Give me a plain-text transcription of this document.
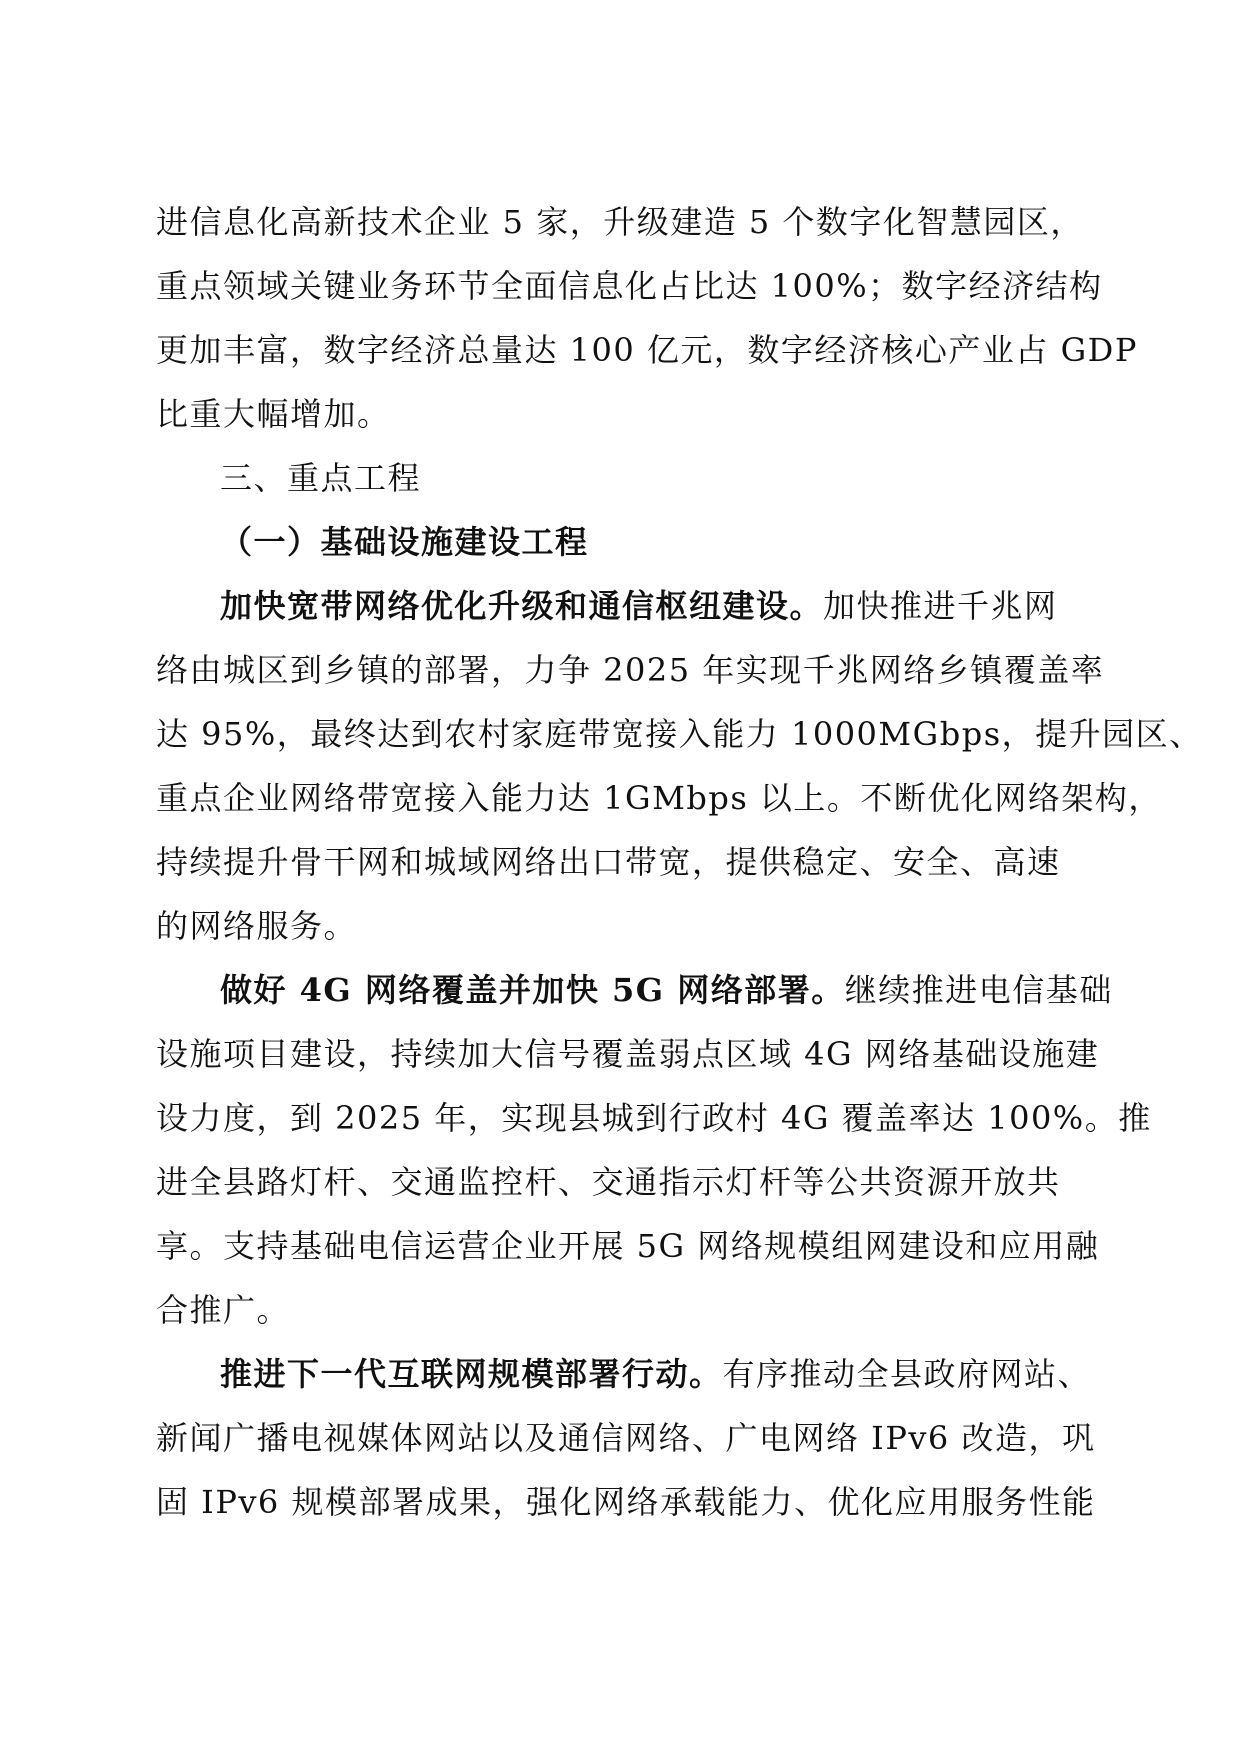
进信息化高新技术企业 5 家，升级建造 5 个数字化智慧园区，
重点领域关键业务环节全面信息化占比达 100%；数字经济结构
更加丰富，数字经济总量达 100 亿元，数字经济核心产业占 GDP
比重大幅增加。
三、重点工程
（一）基础设施建设工程
加快宽带网络优化升级和通信枢纽建设。加快推进千兆网
络由城区到乡镇的部署，力争 2025 年实现千兆网络乡镇覆盖率
达 95%，最终达到农村家庭带宽接入能力 1000MGbps，提升园区、
重点企业网络带宽接入能力达 1GMbps 以上。不断优化网络架构，
持续提升骨干网和城域网络出口带宽，提供稳定、安全、高速
的网络服务。
做好 4G 网络覆盖并加快 5G 网络部署。继续推进电信基础
设施项目建设，持续加大信号覆盖弱点区域 4G 网络基础设施建
设力度，到 2025 年，实现县城到行政村 4G 覆盖率达 100%。推
进全县路灯杆、交通监控杆、交通指示灯杆等公共资源开放共
享。支持基础电信运营企业开展 5G 网络规模组网建设和应用融
合推广。
推进下一代互联网规模部署行动。有序推动全县政府网站、
新闻广播电视媒体网站以及通信网络、广电网络 IPv6 改造，巩
固 IPv6 规模部署成果，强化网络承载能力、优化应用服务性能
